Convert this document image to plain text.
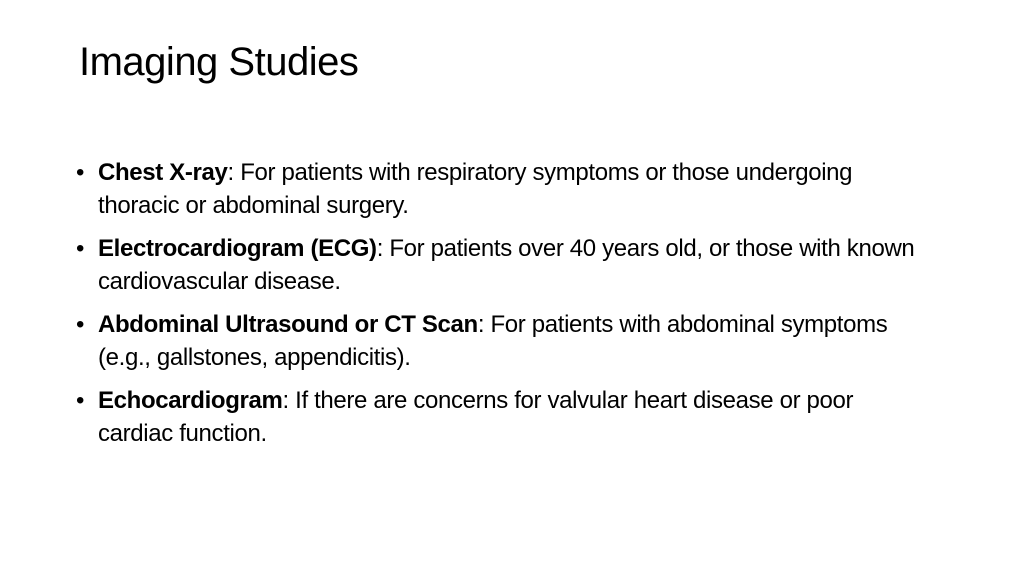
Imaging Studies
• Chest X-ray: For patients with respiratory symptoms or those undergoing thoracic or abdominal surgery.
• Electrocardiogram (ECG): For patients over 40 years old, or those with known cardiovascular disease.
• Abdominal Ultrasound or CT Scan: For patients with abdominal symptoms (e.g., gallstones, appendicitis).
• Echocardiogram: If there are concerns for valvular heart disease or poor cardiac function.
